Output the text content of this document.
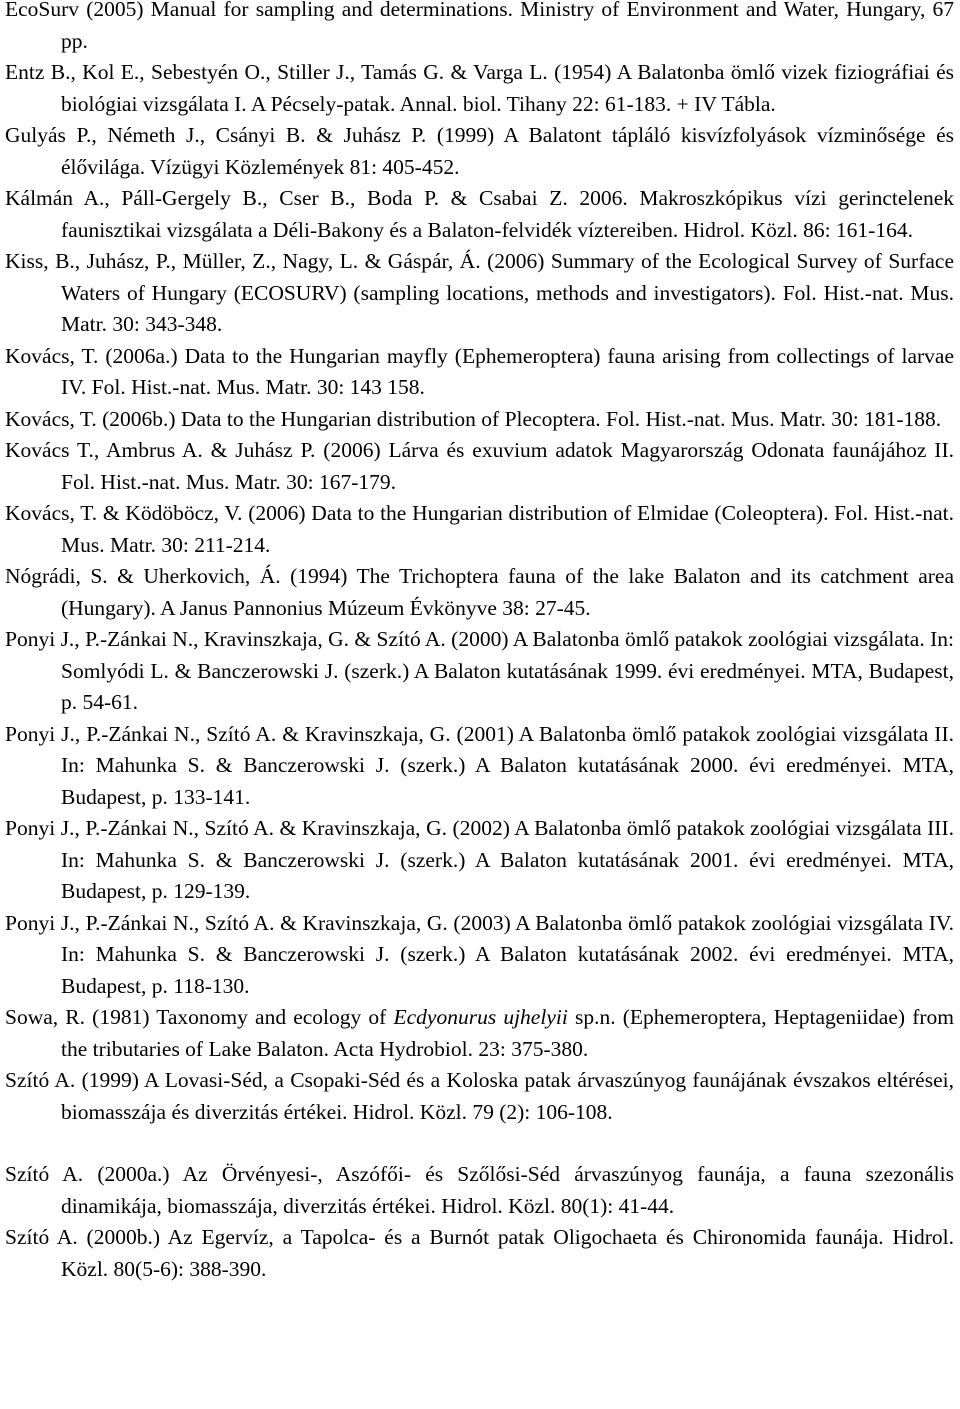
EcoSurv (2005) Manual for sampling and determinations. Ministry of Environment and Water, Hungary, 67 pp.

Entz B., Kol E., Sebestyén O., Stiller J., Tamás G. & Varga L. (1954) A Balatonba ömlő vizek fiziográfiai és biológiai vizsgálata I. A Pécsely-patak. Annal. biol. Tihany 22: 61-183. + IV Tábla.

Gulyás P., Németh J., Csányi B. & Juhász P. (1999) A Balatont tápláló kisvízfolyások vízminősége és élővilága. Vízügyi Közlemények 81: 405-452.

Kálmán A., Páll-Gergely B., Cser B., Boda P. & Csabai Z. 2006. Makroszkópikus vízi gerinctelenek faunisztikai vizsgálata a Déli-Bakony és a Balaton-felvidék víztereiben. Hidrol. Közl. 86: 161-164.

Kiss, B., Juhász, P., Müller, Z., Nagy, L. & Gáspár, Á. (2006) Summary of the Ecological Survey of Surface Waters of Hungary (ECOSURV) (sampling locations, methods and investigators). Fol. Hist.-nat. Mus. Matr. 30: 343-348.

Kovács, T. (2006a.) Data to the Hungarian mayfly (Ephemeroptera) fauna arising from collectings of larvae IV. Fol. Hist.-nat. Mus. Matr. 30: 143 158.

Kovács, T. (2006b.) Data to the Hungarian distribution of Plecoptera. Fol. Hist.-nat. Mus. Matr. 30: 181-188.

Kovács T., Ambrus A. & Juhász P. (2006) Lárva és exuvium adatok Magyarország Odonata faunájához II. Fol. Hist.-nat. Mus. Matr. 30: 167-179.

Kovács, T. & Ködöböcz, V. (2006) Data to the Hungarian distribution of Elmidae (Coleoptera). Fol. Hist.-nat. Mus. Matr. 30: 211-214.

Nógrádi, S. & Uherkovich, Á. (1994) The Trichoptera fauna of the lake Balaton and its catchment area (Hungary). A Janus Pannonius Múzeum Évkönyve 38: 27-45.

Ponyi J., P.-Zánkai N., Kravinszkaja, G. & Szító A. (2000) A Balatonba ömlő patakok zoológiai vizsgálata. In: Somlyódi L. & Banczerowski J. (szerk.) A Balaton kutatásának 1999. évi eredményei. MTA, Budapest, p. 54-61.

Ponyi J., P.-Zánkai N., Szító A. & Kravinszkaja, G. (2001) A Balatonba ömlő patakok zoológiai vizsgálata II. In: Mahunka S. & Banczerowski J. (szerk.) A Balaton kutatásának 2000. évi eredményei. MTA, Budapest, p. 133-141.

Ponyi J., P.-Zánkai N., Szító A. & Kravinszkaja, G. (2002) A Balatonba ömlő patakok zoológiai vizsgálata III. In: Mahunka S. & Banczerowski J. (szerk.) A Balaton kutatásának 2001. évi eredményei. MTA, Budapest, p. 129-139.

Ponyi J., P.-Zánkai N., Szító A. & Kravinszkaja, G. (2003) A Balatonba ömlő patakok zoológiai vizsgálata IV. In: Mahunka S. & Banczerowski J. (szerk.) A Balaton kutatásának 2002. évi eredményei. MTA, Budapest, p. 118-130.

Sowa, R. (1981) Taxonomy and ecology of Ecdyonurus ujhelyii sp.n. (Ephemeroptera, Heptageniidae) from the tributaries of Lake Balaton. Acta Hydrobiol. 23: 375-380.

Szító A. (1999) A Lovasi-Séd, a Csopaki-Séd és a Koloska patak árvaszúnyog faunájának évszakos eltérései, biomasszája és diverzitás értékei. Hidrol. Közl. 79 (2): 106-108.

Szító A. (2000a.) Az Örvényesi-, Aszófői- és Szőlősi-Séd árvaszúnyog faunája, a fauna szezonális dinamikája, biomasszája, diverzitás értékei. Hidrol. Közl. 80(1): 41-44.

Szító A. (2000b.) Az Egervíz, a Tapolca- és a Burnót patak Oligochaeta és Chironomida faunája. Hidrol. Közl. 80(5-6): 388-390.
